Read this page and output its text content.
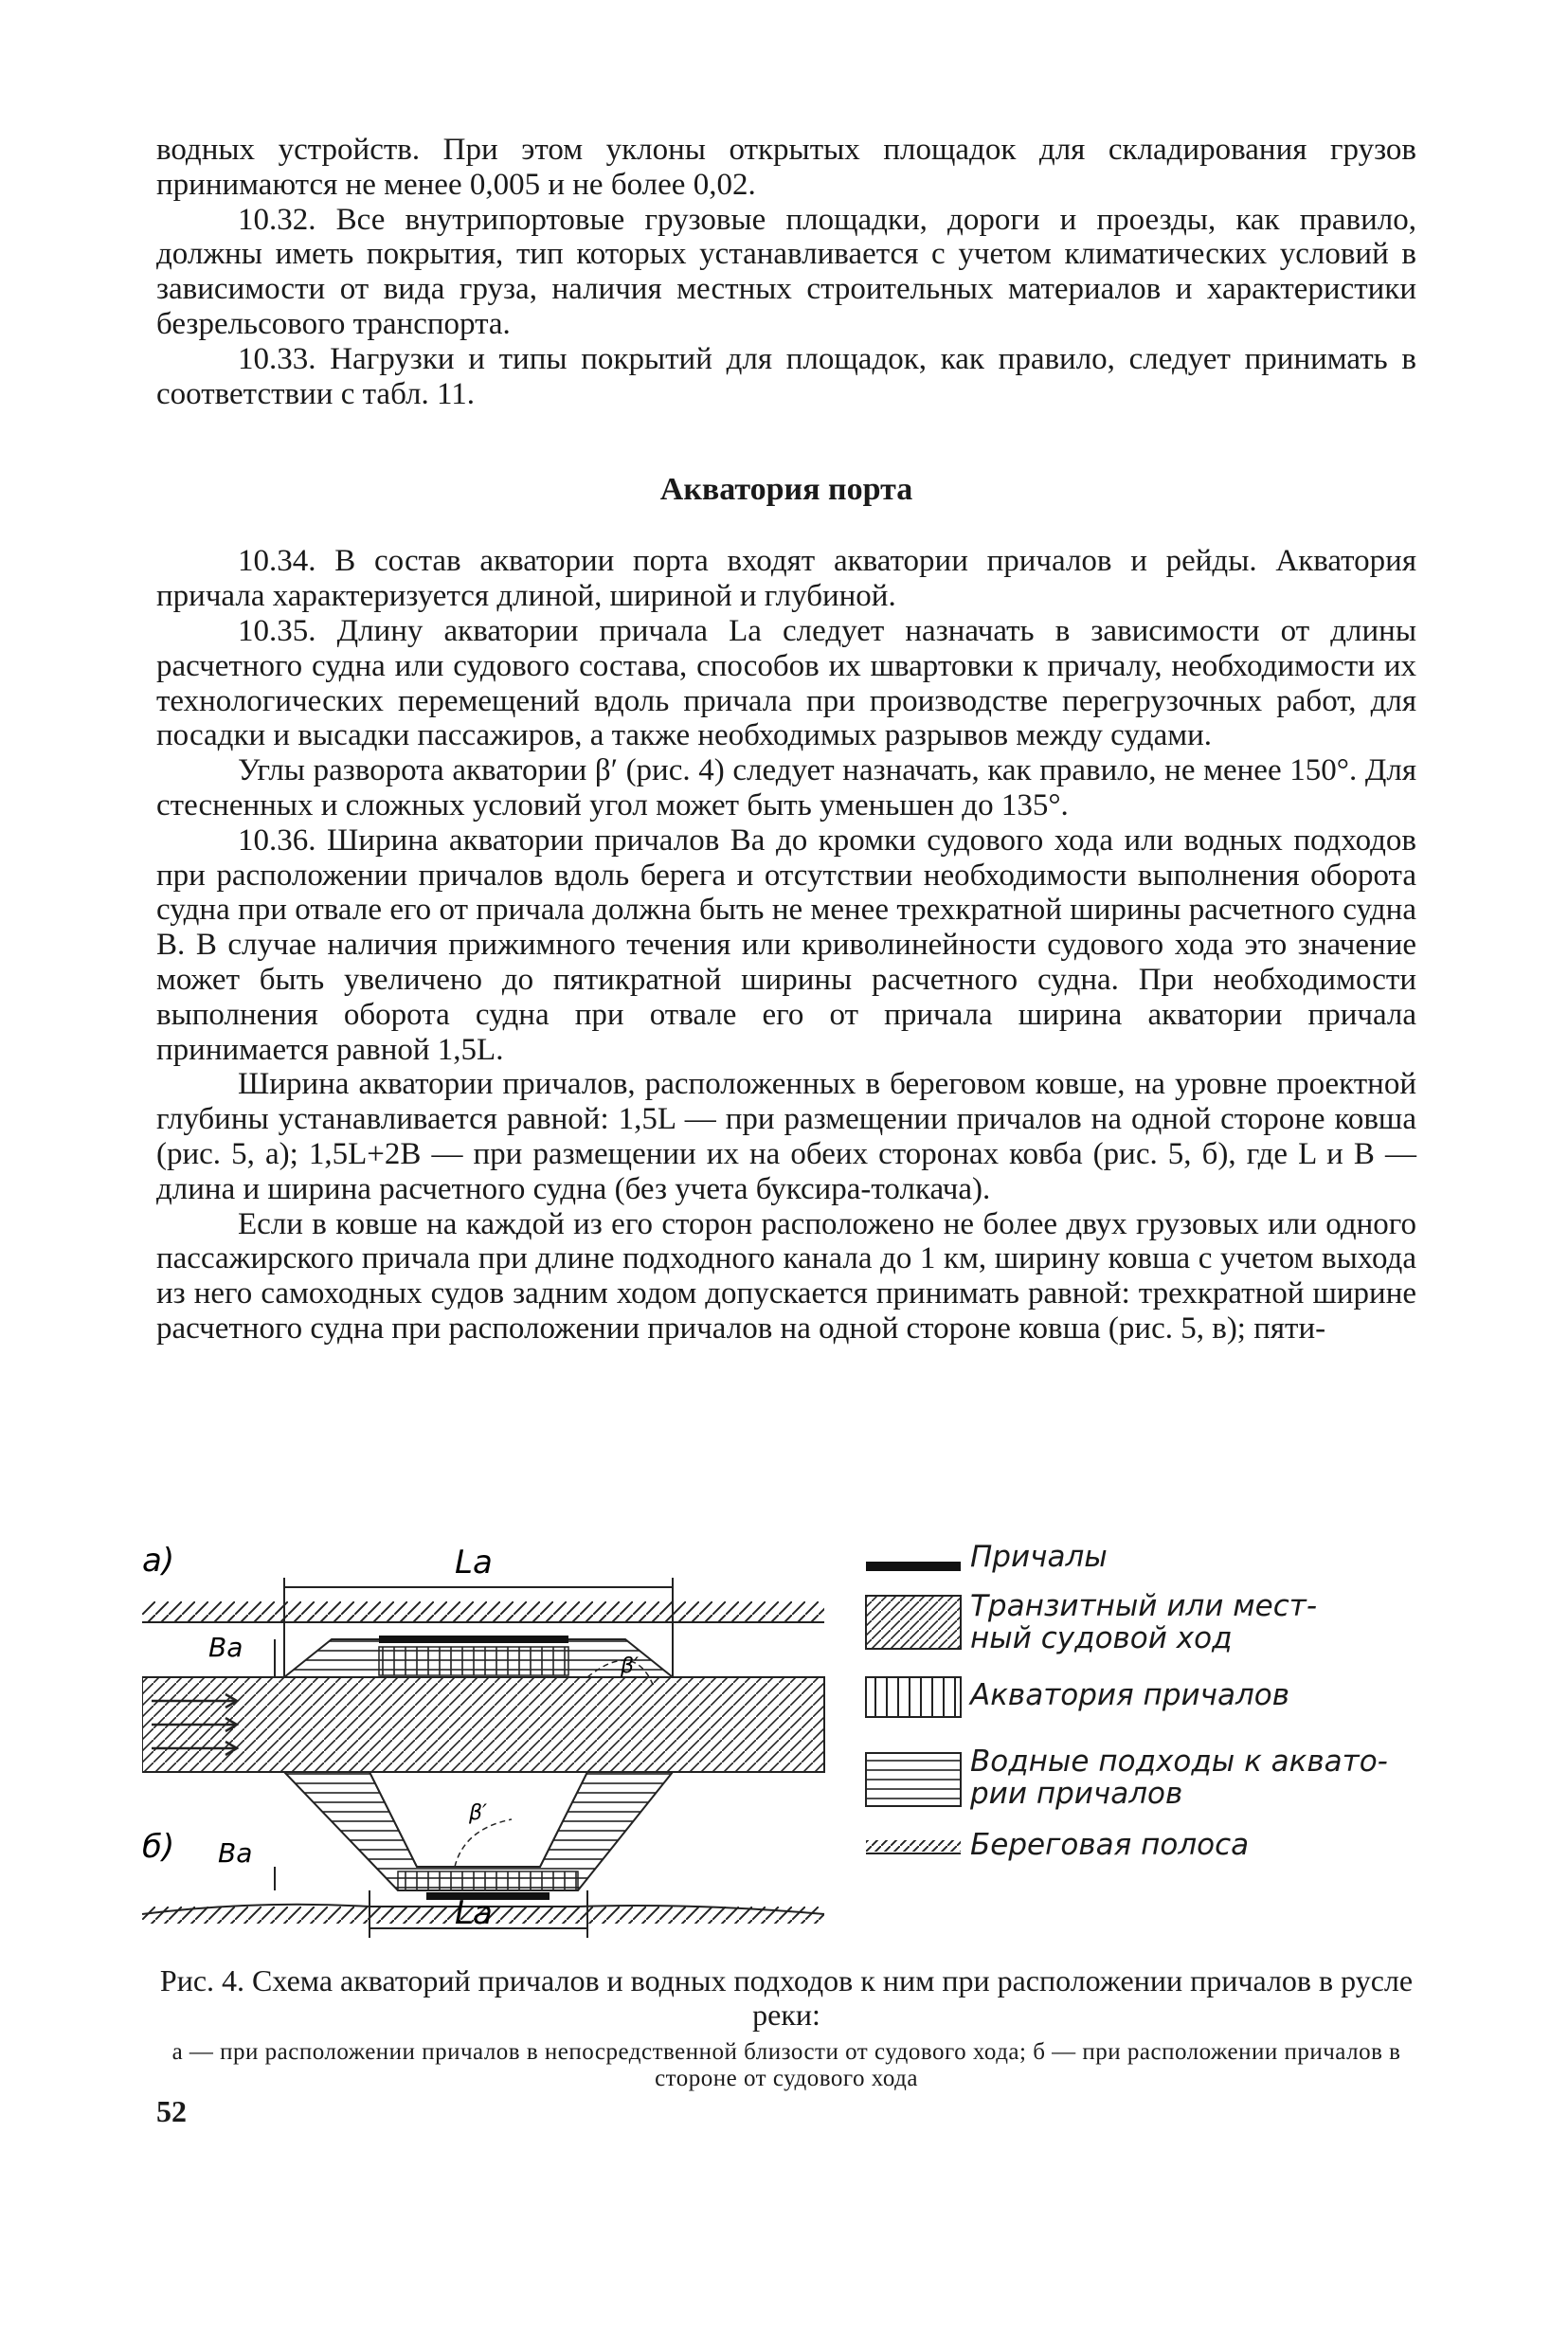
водных устройств. При этом уклоны открытых площадок для складирования грузов принимаются не менее 0,005 и не более 0,02.

10.32. Все внутрипортовые грузовые площадки, дороги и проезды, как правило, должны иметь покрытия, тип которых устанавливается с учетом климатических условий в зависимости от вида груза, наличия местных строительных материалов и характеристики безрельсового транспорта.

10.33. Нагрузки и типы покрытий для площадок, как правило, следует принимать в соответствии с табл. 11.

Акватория порта

10.34. В состав акватории порта входят акватории причалов и рейды. Акватория причала характеризуется длиной, шириной и глубиной.

10.35. Длину акватории причала Lа следует назначать в зависимости от длины расчетного судна или судового состава, способов их швартовки к причалу, необходимости их технологических перемещений вдоль причала при производстве перегрузочных работ, для посадки и высадки пассажиров, а также необходимых разрывов между судами.

Углы разворота акватории β′ (рис. 4) следует назначать, как правило, не менее 150°. Для стесненных и сложных условий угол может быть уменьшен до 135°.

10.36. Ширина акватории причалов Bа до кромки судового хода или водных подходов при расположении причалов вдоль берега и отсутствии необходимости выполнения оборота судна при отвале его от причала должна быть не менее трехкратной ширины расчетного судна B. В случае наличия прижимного течения или криволинейности судового хода это значение может быть увеличено до пятикратной ширины расчетного судна. При необходимости выполнения оборота судна при отвале его от причала ширина акватории причала принимается равной 1,5L.

Ширина акватории причалов, расположенных в береговом ковше, на уровне проектной глубины устанавливается равной: 1,5L — при размещении причалов на одной стороне ковша (рис. 5, а); 1,5L+2B — при размещении их на обеих сторонах ковба (рис. 5, б), где L и B — длина и ширина расчетного судна (без учета буксира-толкача).

Если в ковше на каждой из его сторон расположено не более двух грузовых или одного пассажирского причала при длине подходного канала до 1 км, ширину ковша с учетом выхода из него самоходных судов задним ходом допускается принимать равной: трехкратной ширине расчетного судна при расположении причалов на одной стороне ковша (рис. 5, в); пяти-

а)
б)
Lа
Lа
Bа
Bа
β′
β′
Причалы
Транзитный или мест-
ный судовой ход
Акватория причалов
Водные подходы к аквато-
рии причалов
Береговая полоса
Рис. 4. Схема акваторий причалов и водных подходов к ним при расположении причалов в русле реки:
а — при расположении причалов в непосредственной близости от судового хода; б — при расположении причалов в стороне от судового хода
52
